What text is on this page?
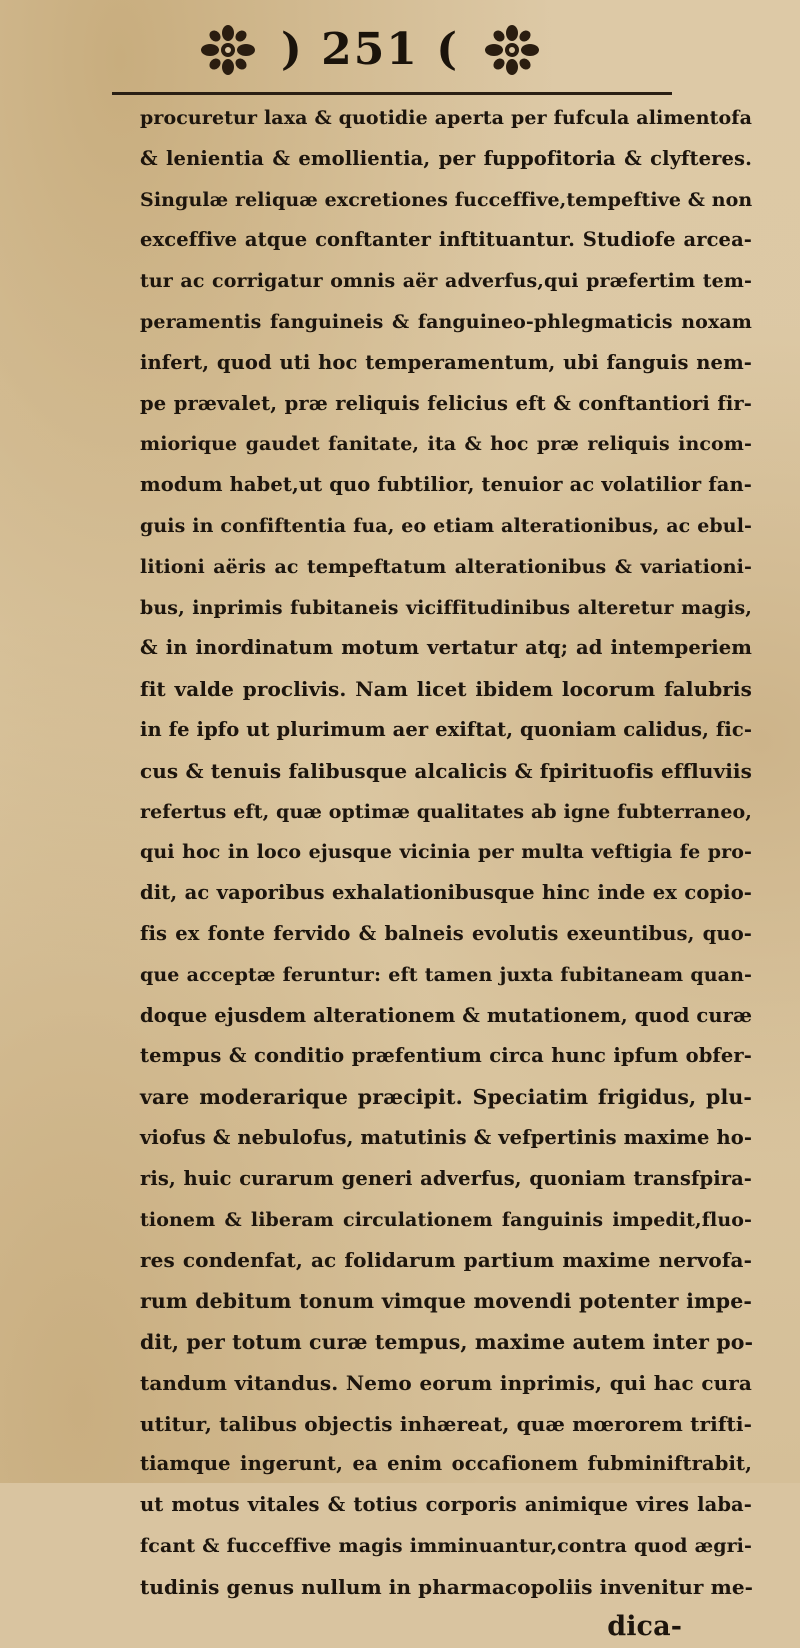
) 251 (
procuretur laxa & quotidie aperta per fufcula alimentofa
& lenientia & emollientia, per fuppofitoria & clyfteres.
Singulæ reliquæ excretiones fucceffive,tempeftive & non
exceffive atque conftanter inftituantur. Studiofe arcea-
tur ac corrigatur omnis aër adverfus,qui præfertim tem-
peramentis fanguineis & fanguineo-phlegmaticis noxam
infert, quod uti hoc temperamentum, ubi fanguis nem-
pe prævalet, præ reliquis felicius eft & conftantiori fir-
miorique gaudet fanitate, ita & hoc præ reliquis incom-
modum habet,ut quo fubtilior, tenuior ac volatilior fan-
guis in confiftentia fua, eo etiam alterationibus, ac ebul-
litioni aëris ac tempeftatum alterationibus & variationi-
bus, inprimis fubitaneis viciffitudinibus alteretur magis,
& in inordinatum motum vertatur atq; ad intemperiem
fit valde proclivis. Nam licet ibidem locorum falubris
in fe ipfo ut plurimum aer exiftat, quoniam calidus, fic-
cus & tenuis falibusque alcalicis & fpirituofis effluviis
refertus eft, quæ optimæ qualitates ab igne fubterraneo,
qui hoc in loco ejusque vicinia per multa veftigia fe pro-
dit, ac vaporibus exhalationibusque hinc inde ex copio-
fis ex fonte fervido & balneis evolutis exeuntibus, quo-
que acceptæ feruntur: eft tamen juxta fubitaneam quan-
doque ejusdem alterationem & mutationem, quod curæ
tempus & conditio præfentium circa hunc ipfum obfer-
vare moderarique præcipit. Speciatim frigidus, plu-
viofus & nebulofus, matutinis & vefpertinis maxime ho-
ris, huic curarum generi adverfus, quoniam transfpira-
tionem & liberam circulationem fanguinis impedit,fluo-
res condenfat, ac folidarum partium maxime nervofa-
rum debitum tonum vimque movendi potenter impe-
dit, per totum curæ tempus, maxime autem inter po-
tandum vitandus. Nemo eorum inprimis, qui hac cura
utitur, talibus objectis inhæreat, quæ mœrorem trifti-
tiamque ingerunt, ea enim occafionem fubminiftrabit,
ut motus vitales & totius corporis animique vires laba-
fcant & fucceffive magis imminuantur,contra quod ægri-
tudinis genus nullum in pharmacopoliis invenitur me-
dica-
